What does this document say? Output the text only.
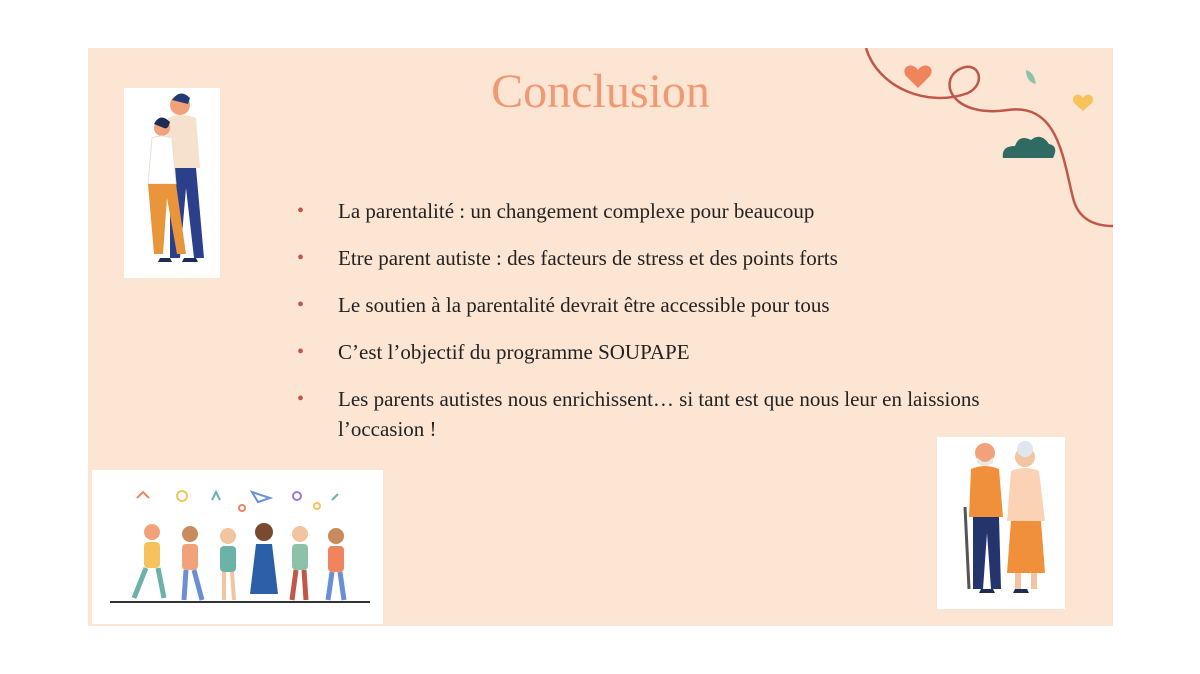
Conclusion
• La parentalité : un changement complexe pour beaucoup
• Etre parent autiste : des facteurs de stress et des points forts
• Le soutien à la parentalité devrait être accessible pour tous
• C’est l’objectif du programme SOUPAPE
• Les parents autistes nous enrichissent… si tant est que nous leur en laissions l’occasion !
